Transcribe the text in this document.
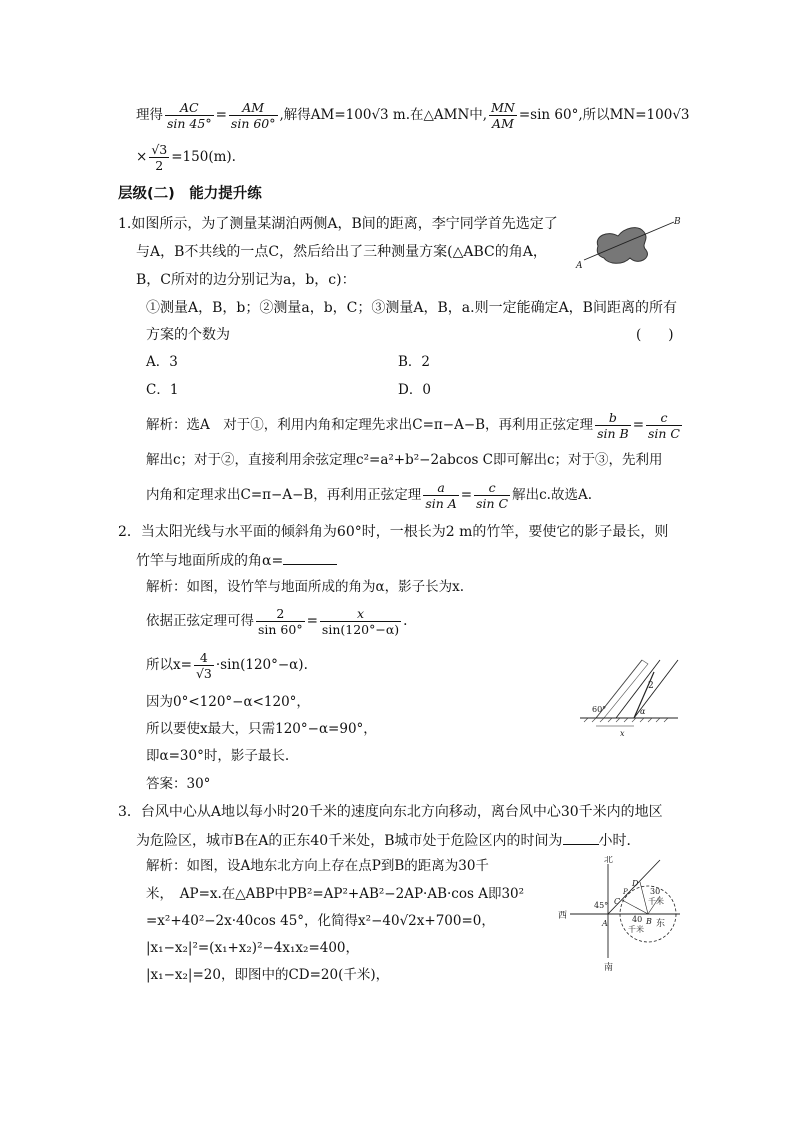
理得 $\frac{AC}{\sin 45^\circ} = \frac{AM}{\sin 60^\circ}$ ,解得AM=100√3 m.在△AMN中, $\frac{MN}{AM} =\sin$ 60°,所以MN=100√3
× $\frac{√3}{2} =150(m)$.
层级(二)　能力提升练
1.如图所示，为了测量某湖泊两侧A，B间的距离，李宁同学首先选定了
与A，B不共线的一点C，然后给出了三种测量方案(△ABC的角A，
B，C所对的边分别记为a，b，c)：
A
B
①测量A，B，b；②测量a，b，C；③测量A，B，a.则一定能确定A，B间距离的所有
方案的个数为	(　　)
A．3	B．2
C．1	D．0
解析：选A　对于①，利用内角和定理先求出C=π−A−B，再利用正弦定理 $\frac{b}{\text{sin B}} = \frac{c}{\text{sin C}}$
解出c；对于②，直接利用余弦定理c²=a²+b²−2abcos C即可解出c；对于③，先利用
内角和定理求出C=π−A−B，再利用正弦定理 $\frac{a}{\text{sin A}} = \frac{c}{\text{sin C}}$ 解出c.故选A.
2．当太阳光线与水平面的倾斜角为60°时，一根长为2 m的竹竿，要使它的影子最长，则
竹竿与地面所成的角α=
解析：如图，设竹竿与地面所成的角为α，影子长为x.
依据正弦定理可得 $\frac{2}{\sin 60^\circ} = \frac{x}{\sin(120^\circ-\alpha)}$ .
所以$x= \frac{4}{√3} \cdot\sin(120^\circ-\alpha)$.
因为0°<120°−α<120°，
所以要使x最大，只需120°−α=90°，
即α=30°时，影子最长.
答案：30°
60°
2
α
x
3．台风中心从A地以每小时20千米的速度向东北方向移动，离台风中心30千米内的地区
为危险区，城市B在A的正东40千米处，B城市处于危险区内的时间为	小时．
解析：如图，设A地东北方向上存在点P到B的距离为30千
米，　AP=x.在△ABP中PB²=AP²+AB²−2AP·AB·cos A即30²
=x²+40²−2x·40cos 45°，化简得x²−40√2x+700=0，
|x₁−x₂|²=(x₁+x₂)²−4x₁x₂=400，
|x₁−x₂|=20，即图中的CD=20(千米)，
北
南
西
东
45°
A	B
C
D
P	30
千米
40
千米
